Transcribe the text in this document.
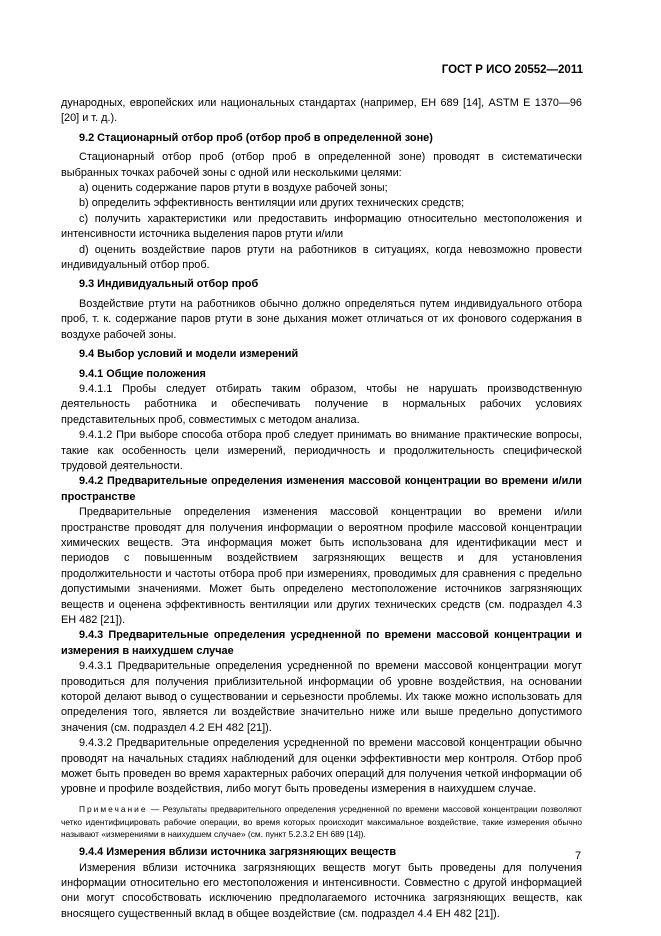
ГОСТ Р ИСО 20552—2011

дународных, европейских или национальных стандартах (например, ЕН 689 [14], ASTM E 1370—96 [20] и т. д.).

9.2 Стационарный отбор проб (отбор проб в определенной зоне)

Стационарный отбор проб (отбор проб в определенной зоне) проводят в систематически выбранных точках рабочей зоны с одной или несколькими целями:

a) оценить содержание паров ртути в воздухе рабочей зоны;

b) определить эффективность вентиляции или других технических средств;

c) получить характеристики или предоставить информацию относительно местоположения и интенсивности источника выделения паров ртути и/или

d) оценить воздействие паров ртути на работников в ситуациях, когда невозможно провести индивидуальный отбор проб.

9.3 Индивидуальный отбор проб

Воздействие ртути на работников обычно должно определяться путем индивидуального отбора проб, т. к. содержание паров ртути в зоне дыхания может отличаться от их фонового содержания в воздухе рабочей зоны.

9.4 Выбор условий и модели измерений

9.4.1 Общие положения

9.4.1.1 Пробы следует отбирать таким образом, чтобы не нарушать производственную деятельность работника и обеспечивать получение в нормальных рабочих условиях представительных проб, совместимых с методом анализа.

9.4.1.2 При выборе способа отбора проб следует принимать во внимание практические вопросы, такие как особенность цели измерений, периодичность и продолжительность специфической трудовой деятельности.

9.4.2 Предварительные определения изменения массовой концентрации во времени и/или пространстве

Предварительные определения изменения массовой концентрации во времени и/или пространстве проводят для получения информации о вероятном профиле массовой концентрации химических веществ. Эта информация может быть использована для идентификации мест и периодов с повышенным воздействием загрязняющих веществ и для установления продолжительности и частоты отбора проб при измерениях, проводимых для сравнения с предельно допустимыми значениями. Может быть определено местоположение источников загрязняющих веществ и оценена эффективность вентиляции или других технических средств (см. подраздел 4.3 ЕН 482 [21]).

9.4.3 Предварительные определения усредненной по времени массовой концентрации и измерения в наихудшем случае

9.4.3.1 Предварительные определения усредненной по времени массовой концентрации могут проводиться для получения приблизительной информации об уровне воздействия, на основании которой делают вывод о существовании и серьезности проблемы. Их также можно использовать для определения того, является ли воздействие значительно ниже или выше предельно допустимого значения (см. подраздел 4.2 ЕН 482 [21]).

9.4.3.2 Предварительные определения усредненной по времени массовой концентрации обычно проводят на начальных стадиях наблюдений для оценки эффективности мер контроля. Отбор проб может быть проведен во время характерных рабочих операций для получения четкой информации об уровне и профиле воздействия, либо могут быть проведены измерения в наихудшем случае.

Примечание — Результаты предварительного определения усредненной по времени массовой концентрации позволяют четко идентифицировать рабочие операции, во время которых происходит максимальное воздействие, такие измерения обычно называют «измерениями в наихудшем случае» (см. пункт 5.2.3.2 ЕН 689 [14]).

9.4.4 Измерения вблизи источника загрязняющих веществ

Измерения вблизи источника загрязняющих веществ могут быть проведены для получения информации относительно его местоположения и интенсивности. Совместно с другой информацией они могут способствовать исключению предполагаемого источника загрязняющих веществ, как вносящего существенный вклад в общее воздействие (см. подраздел 4.4 ЕН 482 [21]).

7
